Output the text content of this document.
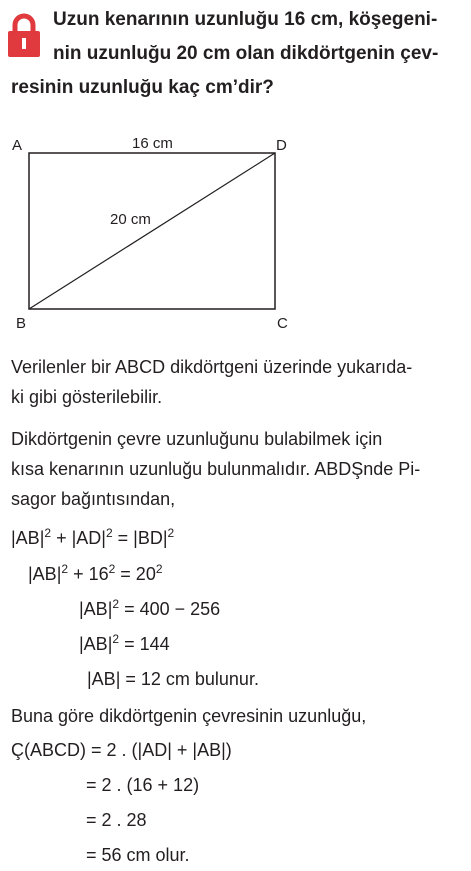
Uzun kenarının uzunluğu 16 cm, köşegeni-
nin uzunluğu 20 cm olan dikdörtgenin çev-
resinin uzunluğu kaç cm’dir?
A	16 cm	D
20 cm
B	C
Verilenler bir ABCD dikdörtgeni üzerinde yukarıda-
ki gibi gösterilebilir.
Dikdörtgenin çevre uzunluğunu bulabilmek için
kısa kenarının uzunluğu bulunmalıdır. ABDŞnde Pi-
sagor bağıntısından,
$|AB|^2 + |AD|^2 = |BD|^2$
$|AB|^2 + 16^2 = 20^2$
$|AB|^2 = 400 - 256$
$|AB|^2 = 144$
|AB| = 12 cm bulunur.
Buna göre dikdörtgenin çevresinin uzunluğu,
Ç(ABCD) = 2 . (|AD| + |AB|)
= 2 . (16 + 12)
= 2 . 28
= 56 cm olur.
